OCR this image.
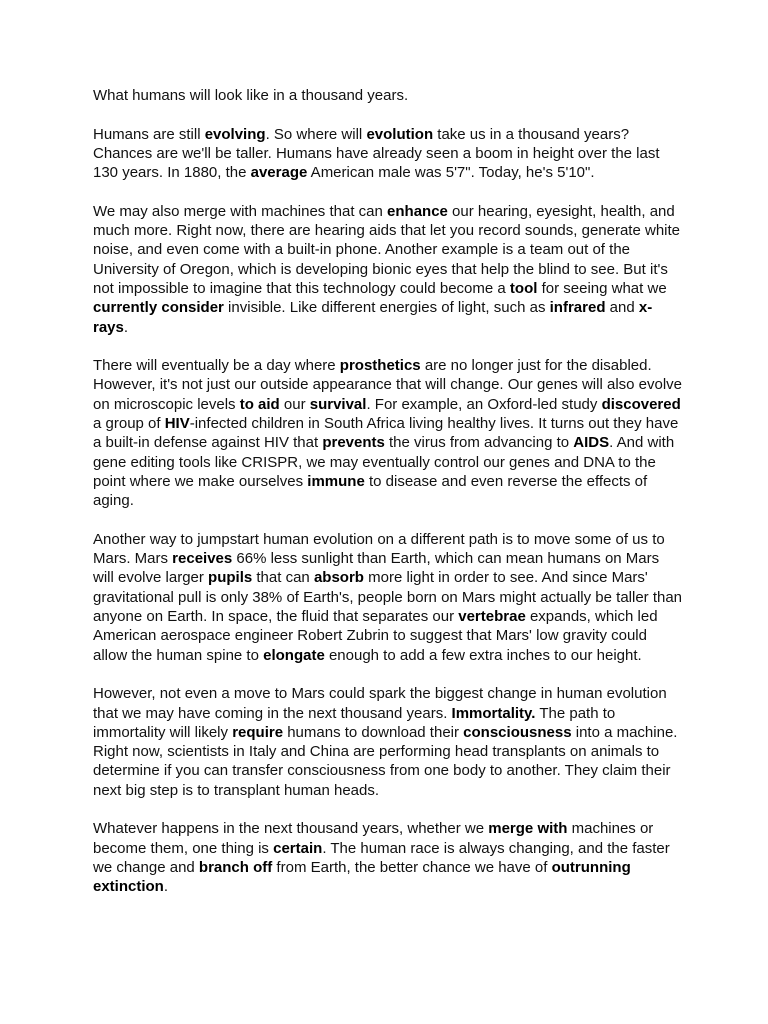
What humans will look like in a thousand years.

Humans are still evolving. So where will evolution take us in a thousand years? Chances are we'll be taller. Humans have already seen a boom in height over the last 130 years. In 1880, the average American male was 5'7". Today, he's 5'10".

We may also merge with machines that can enhance our hearing, eyesight, health, and much more. Right now, there are hearing aids that let you record sounds, generate white noise, and even come with a built-in phone. Another example is a team out of the University of Oregon, which is developing bionic eyes that help the blind to see. But it's not impossible to imagine that this technology could become a tool for seeing what we currently consider invisible. Like different energies of light, such as infrared and x-rays.

There will eventually be a day where prosthetics are no longer just for the disabled. However, it's not just our outside appearance that will change. Our genes will also evolve on microscopic levels to aid our survival. For example, an Oxford-led study discovered a group of HIV-infected children in South Africa living healthy lives. It turns out they have a built-in defense against HIV that prevents the virus from advancing to AIDS. And with gene editing tools like CRISPR, we may eventually control our genes and DNA to the point where we make ourselves immune to disease and even reverse the effects of aging.

Another way to jumpstart human evolution on a different path is to move some of us to Mars. Mars receives 66% less sunlight than Earth, which can mean humans on Mars will evolve larger pupils that can absorb more light in order to see. And since Mars' gravitational pull is only 38% of Earth's, people born on Mars might actually be taller than anyone on Earth. In space, the fluid that separates our vertebrae expands, which led American aerospace engineer Robert Zubrin to suggest that Mars' low gravity could allow the human spine to elongate enough to add a few extra inches to our height.

However, not even a move to Mars could spark the biggest change in human evolution that we may have coming in the next thousand years. Immortality. The path to immortality will likely require humans to download their consciousness into a machine. Right now, scientists in Italy and China are performing head transplants on animals to determine if you can transfer consciousness from one body to another. They claim their next big step is to transplant human heads.

Whatever happens in the next thousand years, whether we merge with machines or become them, one thing is certain. The human race is always changing, and the faster we change and branch off from Earth, the better chance we have of outrunning extinction.
